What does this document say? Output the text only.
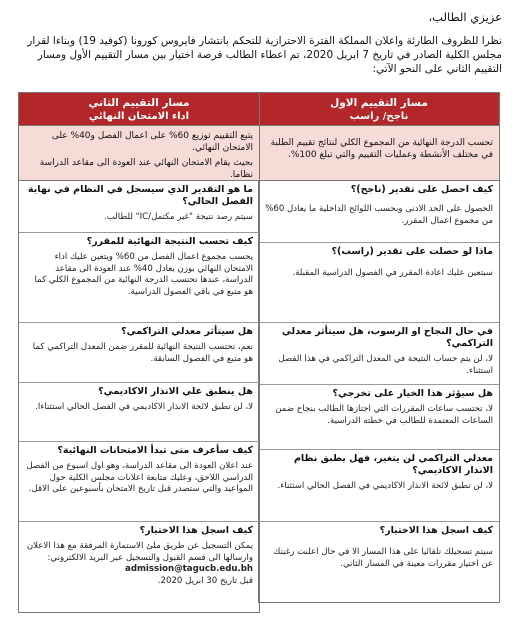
عزيزي الطالب،
نظرا للظروف الطارئة واعلان المملكة الفترة الاحترازية للتحكم بانتشار فايروس كورونا (كوفيد 19) وبناءا لقرار مجلس الكلية الصادر في تاريخ 7 ابريل 2020، تم اعطاء الطالب فرصة اختيار بين مسار التقييم الأول ومسار التقييم الثاني على النحو الآتي:
مسار التقييم الاول
ناجح/ راسب
تحسب الدرجة النهائية من المجموع الكلي لنتائج تقييم الطلبة في مختلف الأنشطة وعمليات التقييم والتي تبلغ 100%.
كيف احصل على تقدير (ناجح)؟
الحصول على الحد الادنى وبحسب اللوائح الداخلية ما يعادل 60% من مجموع اعمال المقرر.
ماذا لو حصلت على تقدير (راسب)؟
سيتعين عليك اعادة المقرر في الفصول الدراسية المقبلة.
في حال النجاح او الرسوب، هل سيتأثر معدلي التراكمي؟
لا، لن يتم حساب النتيجة في المعدل التراكمي في هذا الفصل استثناء.
هل سيؤثر هذا الخيار على تخرجي؟
لا، تحتسب ساعات المقررات التي اجتازها الطالب بنجاح ضمن الساعات المعتمدة للطالب في خطته الدراسية.
معدلي التراكمي لن يتغير، فهل يطبق نظام الانذار الاكاديمي؟
لا، لن تطبق لائحة الانذار الاكاديمي في الفصل الحالي استثناء.
كيف اسجل هذا الاختيار؟
سيتم تسجيلك تلقائيا على هذا المسار الا في حال اعلنت رغبتك عن اختيار مقررات معينة في المسار الثاني.
مسار التقييم الثاني
اداء الامتحان النهائي
يتبع التقييم توزيع 60% على اعمال الفصل و40% على الامتحان النهائي.
بحيث يقام الامتحان النهائي عند العودة الى مقاعد الدراسة نظاما.
ما هو التقدير الذي سيسجل في النظام في نهاية الفصل الحالي؟
سيتم رصد نتيجة "غير مكتمل/IC" للطالب.
كيف تحسب النتيجة النهائية للمقرر؟
يحسب مجموع اعمال الفصل من 60% ويتعين عليك اداء الامتحان النهائي بوزن يعادل 40% عند العودة الى مقاعد الدراسة، عندها تحتسب الدرجة النهائية من المجموع الكلي كما هو متبع في باقي الفصول الدراسية.
هل سيتأثر معدلي التراكمي؟
نعم، تحتسب النتيجة النهائية للمقرر ضمن المعدل التراكمي كما هو متبع في الفصول السابقة.
هل ينطبق علي الانذار الاكاديمي؟
لا، لن تطبق لائحة الانذار الاكاديمي في الفصل الحالي استثناءا.
كيف سأعرف متى تبدأ الامتحانات النهائية؟
عند اعلان العودة الى مقاعد الدراسة، وهو اول اسبوع من الفصل الدراسي اللاحق، وعليك متابعة اعلانات مجلس الكلية حول المواعيد والتي ستصدر قبل تاريخ الامتحان بأسبوعين على الاقل.
كيف اسجل هذا الاختيار؟
يمكن التسجيل عن طريق ملئ الاستمارة المرفقة مع هذا الاعلان وارسالها الى قسم القبول والتسجيل عبر البريد الالكتروني:
admission@tagucb.edu.bh
قبل تاريخ 30 ابريل 2020.
